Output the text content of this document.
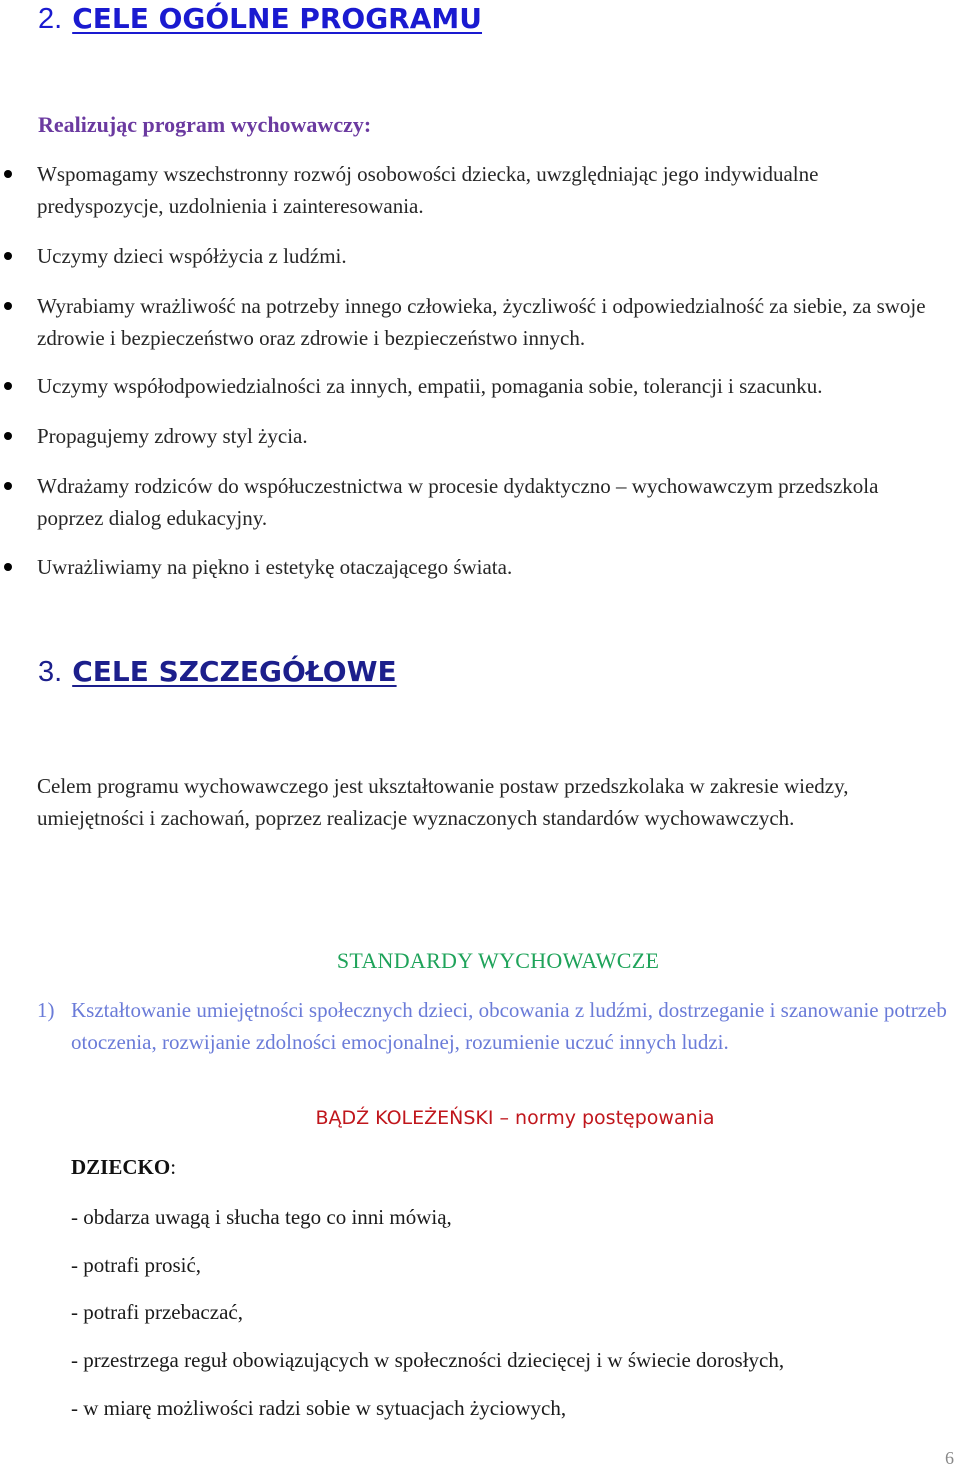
2. CELE OGÓLNE PROGRAMU
Realizując program wychowawczy:
Wspomagamy wszechstronny rozwój osobowości dziecka, uwzględniając jego indywidualne predyspozycje, uzdolnienia i zainteresowania.
Uczymy dzieci współżycia z ludźmi.
Wyrabiamy wrażliwość na potrzeby innego człowieka, życzliwość i odpowiedzialność za siebie, za swoje zdrowie i bezpieczeństwo oraz zdrowie i bezpieczeństwo innych.
Uczymy współodpowiedzialności za innych, empatii, pomagania sobie, tolerancji i szacunku.
Propagujemy zdrowy styl życia.
Wdrażamy rodziców do współuczestnictwa w procesie dydaktyczno – wychowawczym przedszkola poprzez dialog edukacyjny.
Uwrażliwiamy na piękno i estetykę otaczającego świata.
3. CELE SZCZEGÓŁOWE
Celem programu wychowawczego jest ukształtowanie postaw przedszkolaka w zakresie wiedzy, umiejętności i zachowań, poprzez realizacje wyznaczonych standardów wychowawczych.
STANDARDY WYCHOWAWCZE
1) Kształtowanie umiejętności społecznych dzieci, obcowania z ludźmi, dostrzeganie i szanowanie potrzeb otoczenia, rozwijanie zdolności emocjonalnej, rozumienie uczuć innych ludzi.
BĄDŹ KOLEŻEŃSKI – normy postępowania
DZIECKO:
- obdarza uwagą i słucha tego co inni mówią,
- potrafi prosić,
- potrafi przebaczać,
- przestrzega reguł obowiązujących w społeczności dziecięcej i w świecie dorosłych,
- w miarę możliwości radzi sobie w sytuacjach życiowych,
6
